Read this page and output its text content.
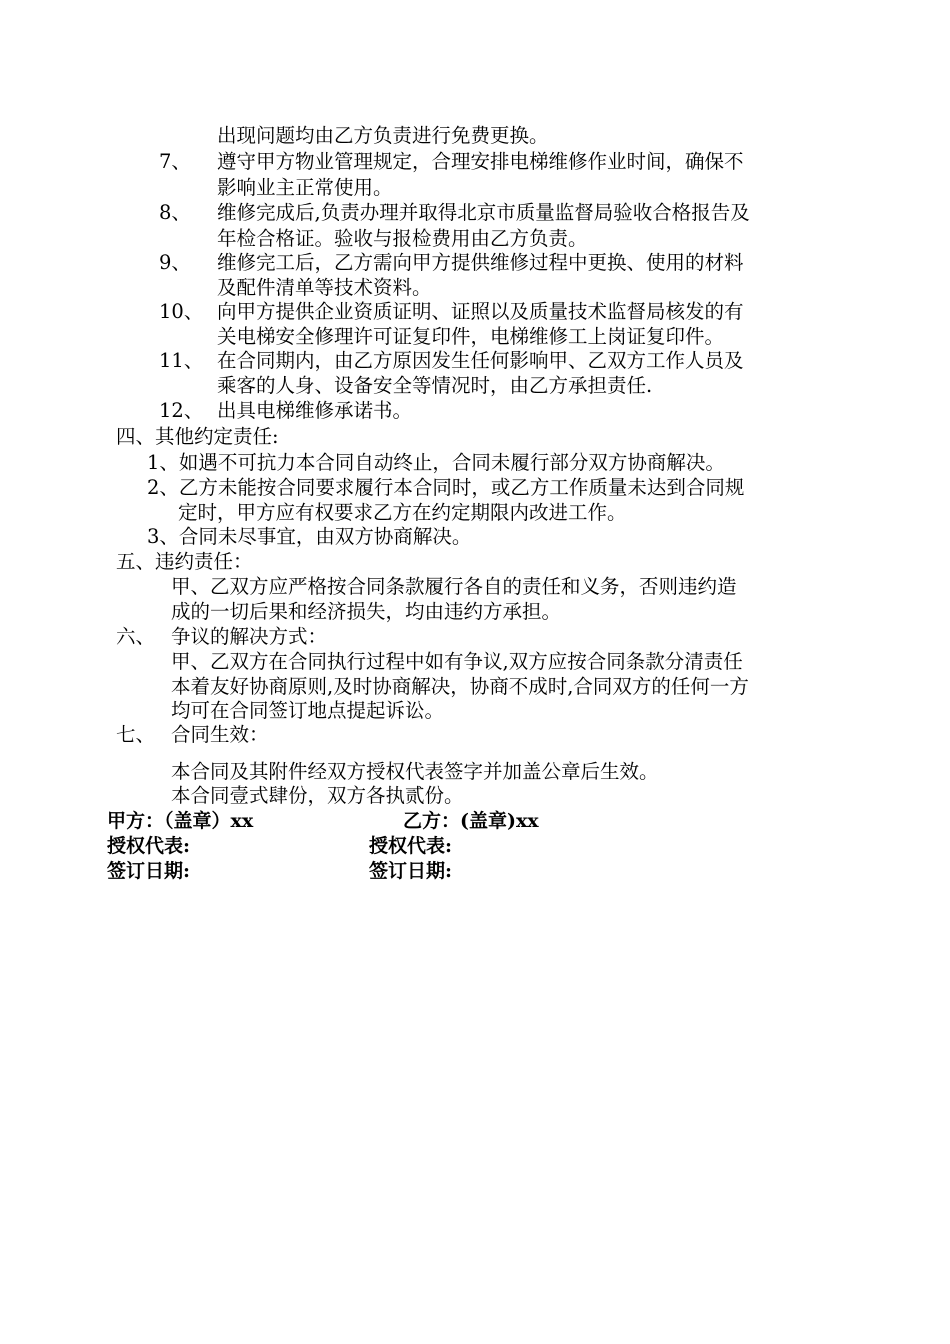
出现问题均由乙方负责进行免费更换。
7、 遵守甲方物业管理规定，合理安排电梯维修作业时间，确保不
影响业主正常使用。
8、 维修完成后,负责办理并取得北京市质量监督局验收合格报告及
年检合格证。验收与报检费用由乙方负责。
9、 维修完工后，乙方需向甲方提供维修过程中更换、使用的材料
及配件清单等技术资料。
10、 向甲方提供企业资质证明、证照以及质量技术监督局核发的有
关电梯安全修理许可证复印件，电梯维修工上岗证复印件。
11、 在合同期内，由乙方原因发生任何影响甲、乙双方工作人员及
乘客的人身、设备安全等情况时，由乙方承担责任.
12、 出具电梯维修承诺书。
四、其他约定责任:
1、如遇不可抗力本合同自动终止，合同未履行部分双方协商解决。
2、乙方未能按合同要求履行本合同时，或乙方工作质量未达到合同规
定时，甲方应有权要求乙方在约定期限内改进工作。
3、合同未尽事宜，由双方协商解决。
五、违约责任：
甲、乙双方应严格按合同条款履行各自的责任和义务，否则违约造
成的一切后果和经济损失，均由违约方承担。
六、 争议的解决方式：
甲、乙双方在合同执行过程中如有争议,双方应按合同条款分清责任
本着友好协商原则,及时协商解决，协商不成时,合同双方的任何一方
均可在合同签订地点提起诉讼。
七、 合同生效：
本合同及其附件经双方授权代表签字并加盖公章后生效。
本合同壹式肆份，双方各执贰份。
甲方：（盖章）xx	乙方：(盖章)xx
授权代表:	授权代表:
签订日期:	签订日期:
